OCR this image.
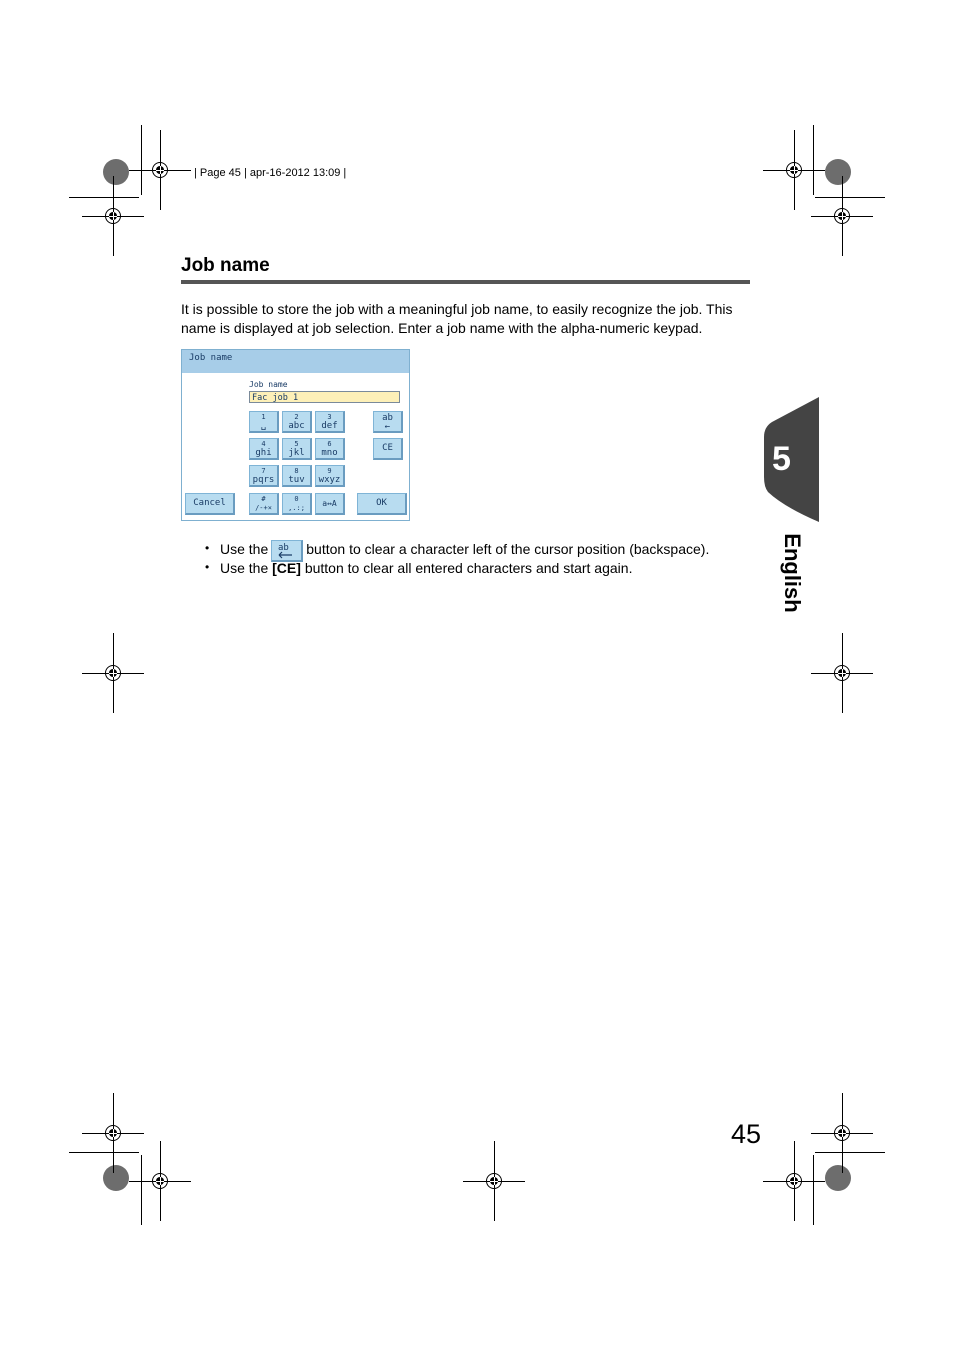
| Page 45 | apr-16-2012 13:09 |
Job name
It is possible to store the job with a meaningful job name, to easily recognize the job. This name is displayed at job selection. Enter a job name with the alpha-numeric keypad.
Job name
Job name
Fac job 1
1
␣
2
abc
3
def
ab
←
4
ghi
5
jkl
6
mno	CE
7
pqrs
8
tuv
9
wxyz
Cancel	#
/-+×
0
,.:;	a↔A	OK
• Use the ab button to clear a character left of the cursor position (backspace).
• Use the [CE] button to clear all entered characters and start again.
5
English
45
